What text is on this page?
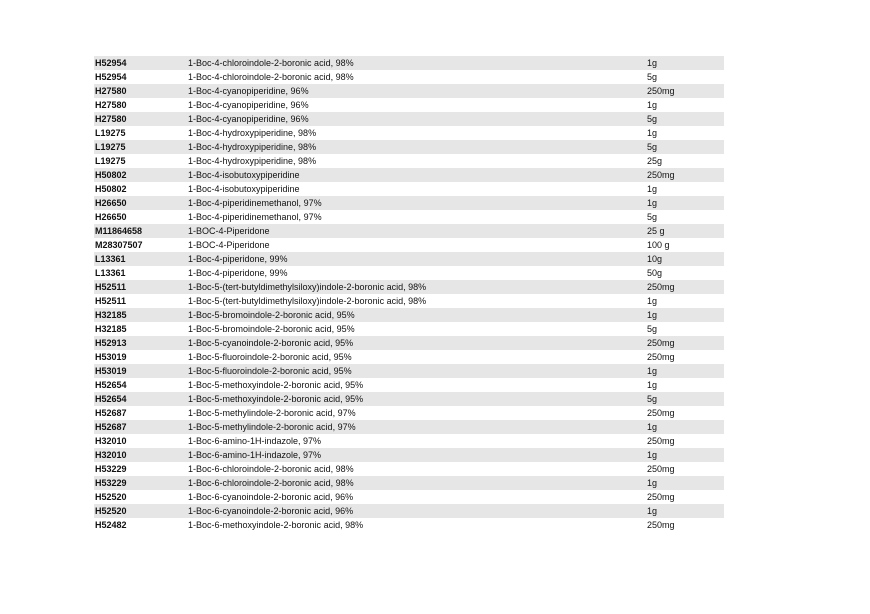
H52954	1-Boc-4-chloroindole-2-boronic acid, 98%	1g
H52954	1-Boc-4-chloroindole-2-boronic acid, 98%	5g
H27580	1-Boc-4-cyanopiperidine, 96%	250mg
H27580	1-Boc-4-cyanopiperidine, 96%	1g
H27580	1-Boc-4-cyanopiperidine, 96%	5g
L19275	1-Boc-4-hydroxypiperidine, 98%	1g
L19275	1-Boc-4-hydroxypiperidine, 98%	5g
L19275	1-Boc-4-hydroxypiperidine, 98%	25g
H50802	1-Boc-4-isobutoxypiperidine	250mg
H50802	1-Boc-4-isobutoxypiperidine	1g
H26650	1-Boc-4-piperidinemethanol, 97%	1g
H26650	1-Boc-4-piperidinemethanol, 97%	5g
M11864658	1-BOC-4-Piperidone	25 g
M28307507	1-BOC-4-Piperidone	100 g
L13361	1-Boc-4-piperidone, 99%	10g
L13361	1-Boc-4-piperidone, 99%	50g
H52511	1-Boc-5-(tert-butyldimethylsiloxy)indole-2-boronic acid, 98%	250mg
H52511	1-Boc-5-(tert-butyldimethylsiloxy)indole-2-boronic acid, 98%	1g
H32185	1-Boc-5-bromoindole-2-boronic acid, 95%	1g
H32185	1-Boc-5-bromoindole-2-boronic acid, 95%	5g
H52913	1-Boc-5-cyanoindole-2-boronic acid, 95%	250mg
H53019	1-Boc-5-fluoroindole-2-boronic acid, 95%	250mg
H53019	1-Boc-5-fluoroindole-2-boronic acid, 95%	1g
H52654	1-Boc-5-methoxyindole-2-boronic acid, 95%	1g
H52654	1-Boc-5-methoxyindole-2-boronic acid, 95%	5g
H52687	1-Boc-5-methylindole-2-boronic acid, 97%	250mg
H52687	1-Boc-5-methylindole-2-boronic acid, 97%	1g
H32010	1-Boc-6-amino-1H-indazole, 97%	250mg
H32010	1-Boc-6-amino-1H-indazole, 97%	1g
H53229	1-Boc-6-chloroindole-2-boronic acid, 98%	250mg
H53229	1-Boc-6-chloroindole-2-boronic acid, 98%	1g
H52520	1-Boc-6-cyanoindole-2-boronic acid, 96%	250mg
H52520	1-Boc-6-cyanoindole-2-boronic acid, 96%	1g
H52482	1-Boc-6-methoxyindole-2-boronic acid, 98%	250mg
